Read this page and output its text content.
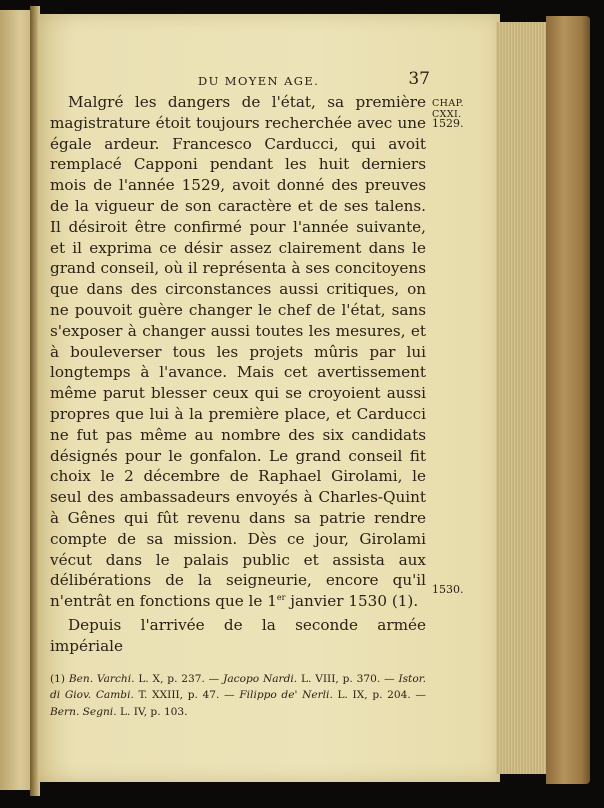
DU MOYEN AGE.	37
CHAP. CXXI.
1529.
1530.

Malgré les dangers de l'état, sa première magistrature étoit toujours recherchée avec une égale ardeur. Francesco Carducci, qui avoit remplacé Capponi pendant les huit derniers mois de l'année 1529, avoit donné des preuves de la vigueur de son caractère et de ses talens. Il désiroit être confirmé pour l'année suivante, et il exprima ce désir assez clairement dans le grand conseil, où il représenta à ses concitoyens que dans des circonstances aussi critiques, on ne pouvoit guère changer le chef de l'état, sans s'exposer à changer aussi toutes les mesures, et à bouleverser tous les projets mûris par lui longtemps à l'avance. Mais cet avertissement même parut blesser ceux qui se croyoient aussi propres que lui à la première place, et Carducci ne fut pas même au nombre des six candidats désignés pour le gonfalon. Le grand conseil fit choix le 2 décembre de Raphael Girolami, le seul des ambassadeurs envoyés à Charles-Quint à Gênes qui fût revenu dans sa patrie rendre compte de sa mission. Dès ce jour, Girolami vécut dans le palais public et assista aux délibérations de la seigneurie, encore qu'il n'entrât en fonctions que le 1er janvier 1530 (1).

Depuis l'arrivée de la seconde armée impériale

(1) Ben. Varchi. L. X, p. 237. — Jacopo Nardi. L. VIII, p. 370. — Istor. di Giov. Cambi. T. XXIII, p. 47. — Filippo de' Nerli. L. IX, p. 204. — Bern. Segni. L. IV, p. 103.
